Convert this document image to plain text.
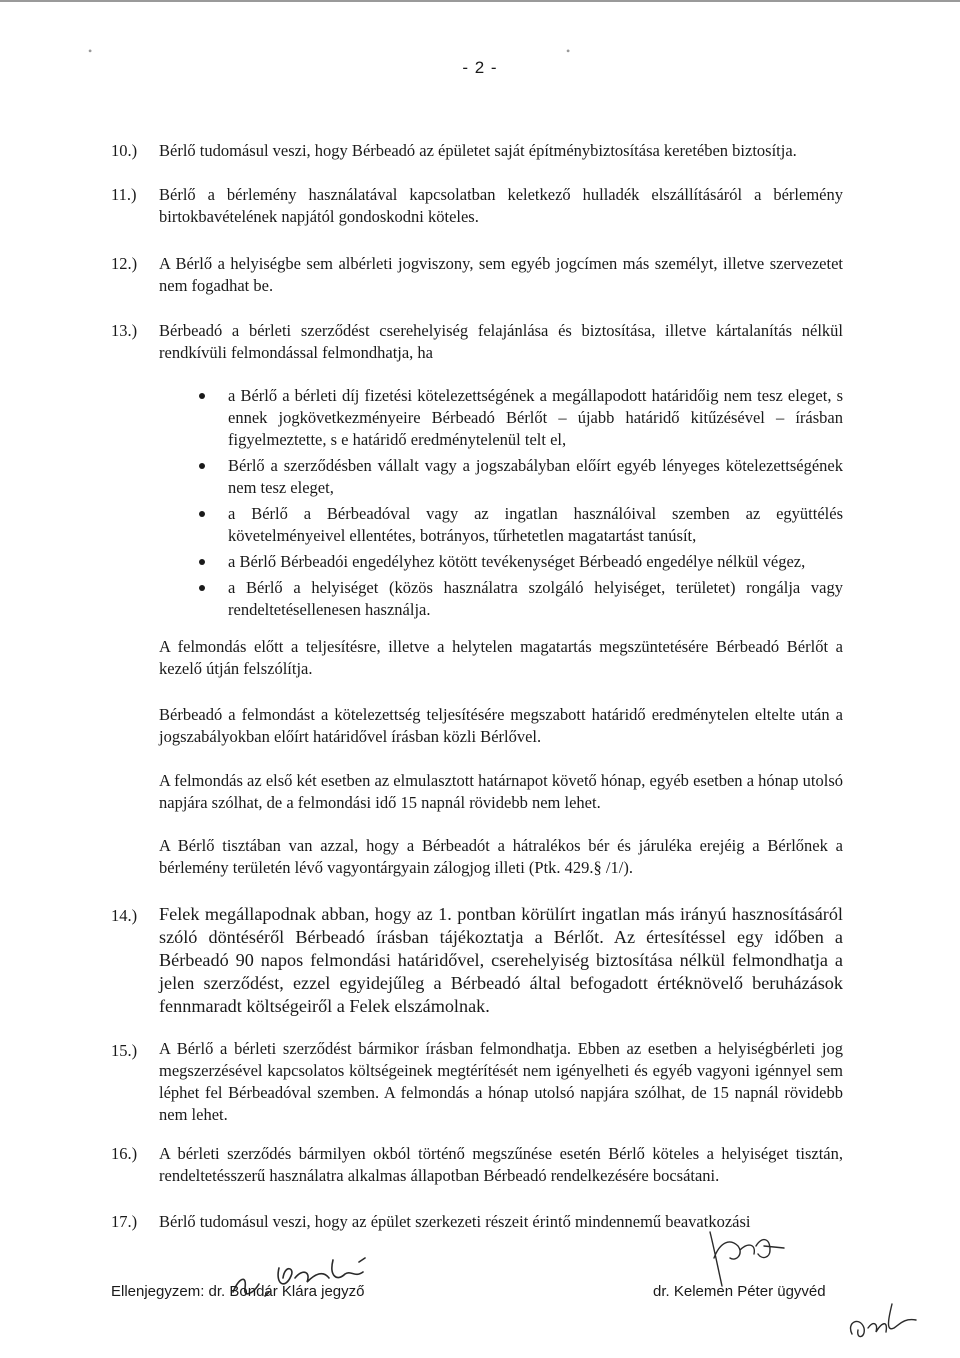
•	•
- 2 -
10.) Bérlő tudomásul veszi, hogy Bérbeadó az épületet saját építménybiztosítása keretében biztosítja.
11.) Bérlő a bérlemény használatával kapcsolatban keletkező hulladék elszállításáról a bérlemény birtokbavételének napjától gondoskodni köteles.
12.) A Bérlő a helyiségbe sem albérleti jogviszony, sem egyéb jogcímen más személyt, illetve szervezetet nem fogadhat be.
13.) Bérbeadó a bérleti szerződést cserehelyiség felajánlása és biztosítása, illetve kártalanítás nélkül rendkívüli felmondással felmondhatja, ha
a Bérlő a bérleti díj fizetési kötelezettségének a megállapodott határidőig nem tesz eleget, s ennek jogkövetkezményeire Bérbeadó Bérlőt – újabb határidő kitűzésével – írásban figyelmeztette, s e határidő eredménytelenül telt el,
Bérlő a szerződésben vállalt vagy a jogszabályban előírt egyéb lényeges kötelezettségének nem tesz eleget,
a Bérlő a Bérbeadóval vagy az ingatlan használóival szemben az együttélés követelményeivel ellentétes, botrányos, tűrhetetlen magatartást tanúsít,
a Bérlő Bérbeadói engedélyhez kötött tevékenységet Bérbeadó engedélye nélkül végez,
a Bérlő a helyiséget (közös használatra szolgáló helyiséget, területet) rongálja vagy rendeltetésellenesen használja.
A felmondás előtt a teljesítésre, illetve a helytelen magatartás megszüntetésére Bérbeadó Bérlőt a kezelő útján felszólítja.
Bérbeadó a felmondást a kötelezettség teljesítésére megszabott határidő eredménytelen eltelte után a jogszabályokban előírt határidővel írásban közli Bérlővel.
A felmondás az első két esetben az elmulasztott határnapot követő hónap, egyéb esetben a hónap utolsó napjára szólhat, de a felmondási idő 15 napnál rövidebb nem lehet.
A Bérlő tisztában van azzal, hogy a Bérbeadót a hátralékos bér és járuléka erejéig a Bérlőnek a bérlemény területén lévő vagyontárgyain zálogjog illeti (Ptk. 429.§ /1/).
14.) Felek megállapodnak abban, hogy az 1. pontban körülírt ingatlan más irányú hasznosításáról szóló döntéséről Bérbeadó írásban tájékoztatja a Bérlőt. Az értesítéssel egy időben a Bérbeadó 90 napos felmondási határidővel, cserehelyiség biztosítása nélkül felmondhatja a jelen szerződést, ezzel egyidejűleg a Bérbeadó által befogadott értéknövelő beruházások fennmaradt költségeiről a Felek elszámolnak.
15.) A Bérlő a bérleti szerződést bármikor írásban felmondhatja. Ebben az esetben a helyiségbérleti jog megszerzésével kapcsolatos költségeinek megtérítését nem igényelheti és egyéb vagyoni igénnyel sem léphet fel Bérbeadóval szemben. A felmondás a hónap utolsó napjára szólhat, de 15 napnál rövidebb nem lehet.
16.) A bérleti szerződés bármilyen okból történő megszűnése esetén Bérlő köteles a helyiséget tisztán, rendeltetésszerű használatra alkalmas állapotban Bérbeadó rendelkezésére bocsátani.
17.) Bérlő tudomásul veszi, hogy az épület szerkezeti részeit érintő mindennemű beavatkozási
Ellenjegyzem: dr. Bondár Klára jegyző	dr. Kelemen Péter ügyvéd
